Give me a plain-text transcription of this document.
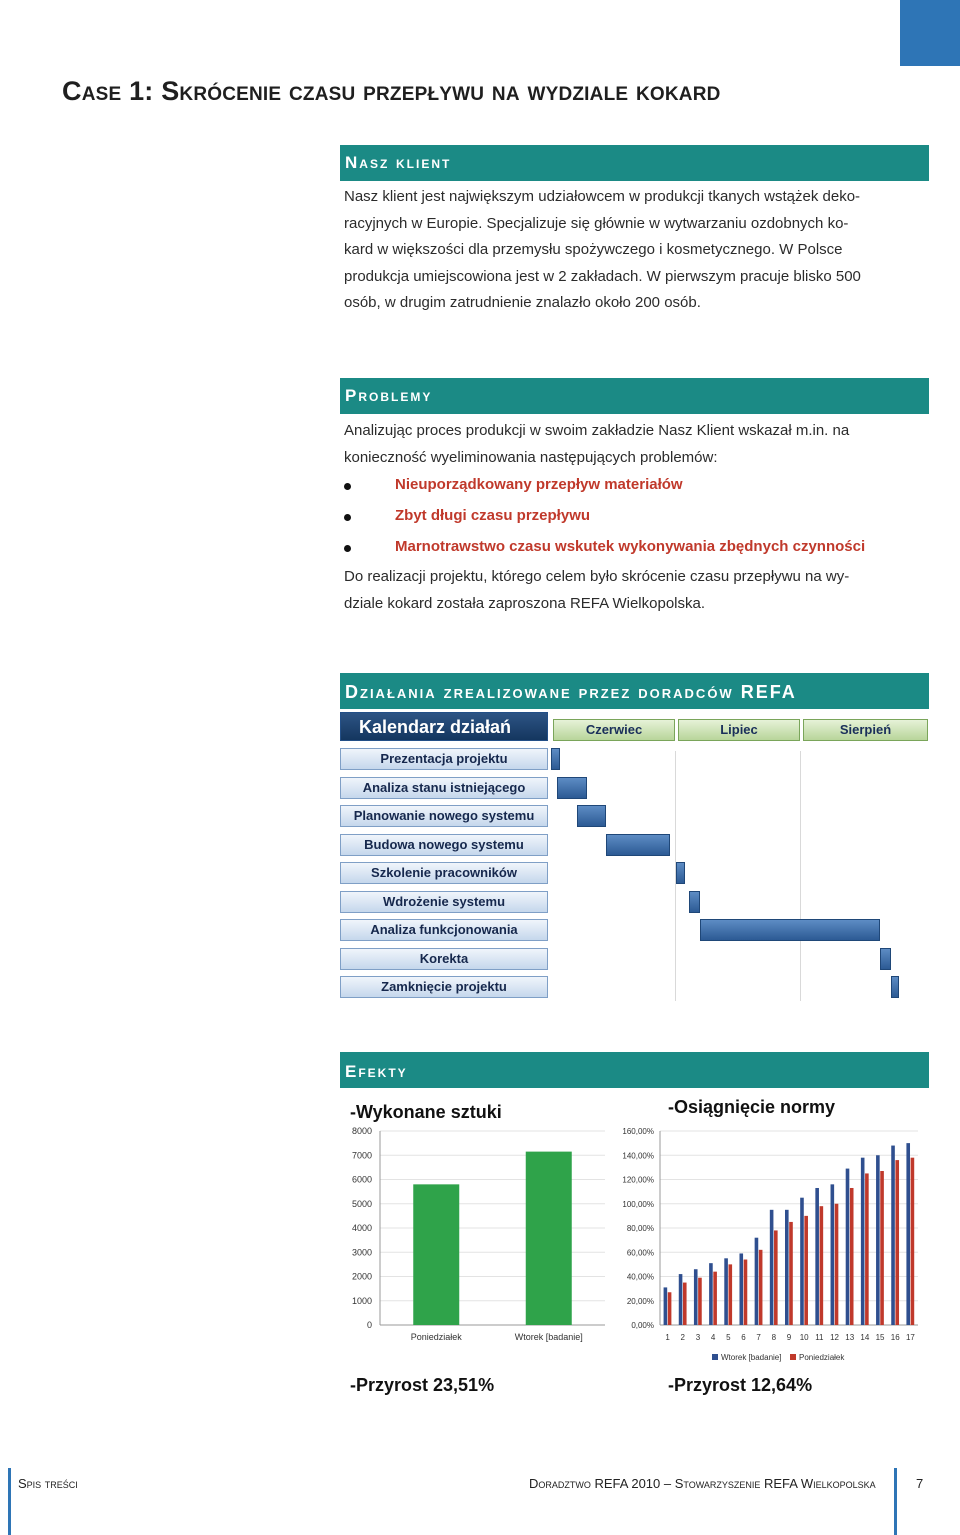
Case 1: Skrócenie czasu przepływu na wydziale kokard
Nasz klient
Nasz klient jest największym udziałowcem w produkcji tkanych wstążek deko-
racyjnych w Europie. Specjalizuje się głównie w wytwarzaniu ozdobnych ko-
kard w większości dla przemysłu spożywczego i kosmetycznego. W Polsce
produkcja umiejscowiona jest w 2 zakładach. W pierwszym pracuje blisko 500
osób, w drugim zatrudnienie znalazło około 200 osób.
Problemy
Analizując proces produkcji w swoim zakładzie Nasz Klient wskazał m.in. na
konieczność wyeliminowania następujących problemów:
Nieuporządkowany przepływ materiałów
Zbyt długi czasu przepływu
Marnotrawstwo czasu wskutek wykonywania zbędnych czynności
Do realizacji projektu, którego celem było skrócenie czasu przepływu na wy-
dziale kokard została zaproszona REFA Wielkopolska.
Działania zrealizowane przez doradców REFA
Kalendarz działań	Czerwiec	Lipiec	Sierpień
Prezentacja projektu
Analiza stanu istniejącego
Planowanie nowego systemu
Budowa nowego systemu
Szkolenie pracowników
Wdrożenie systemu
Analiza funkcjonowania
Korekta
Zamknięcie projektu
Efekty
-Wykonane sztuki	-Osiągnięcie normy
0
1000
2000
3000
4000
5000
6000
7000
8000
Poniedziałek	Wtorek [badanie]
0,00%
20,00%
40,00%
60,00%
80,00%
100,00%
120,00%
140,00%
160,00%
1 2 3 4 5 6 7 8 9 10 11 12 13 14 15 16 17
Wtorek [badanie] Poniedziałek
-Przyrost 23,51%	-Przyrost 12,64%
Spis treści	Doradztwo REFA 2010 – Stowarzyszenie REFA Wielkopolska	7
